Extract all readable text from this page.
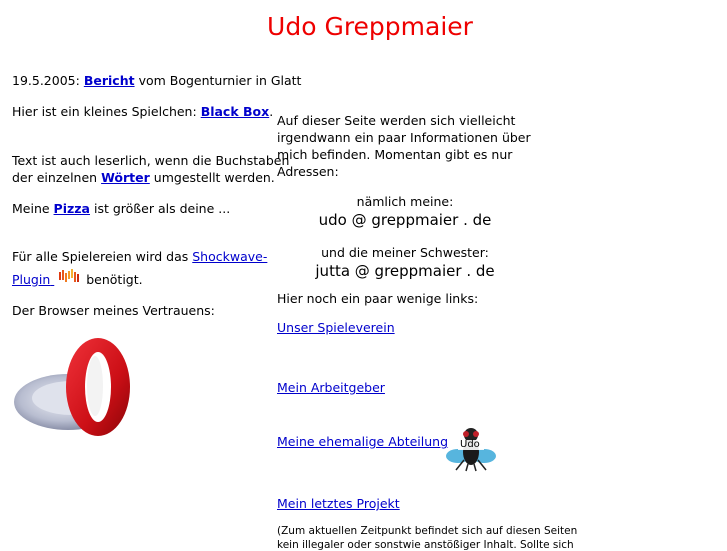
Udo Greppmaier
19.5.2005: Bericht vom Bogenturnier in Glatt
Hier ist ein kleines Spielchen: Black Box.
Text ist auch leserlich, wenn die Buchstaben
der einzelnen Wörter umgestellt werden.
Meine Pizza ist größer als deine ...
Für alle Spielereien wird das Shockwave-
Plugin	benötigt.
Der Browser meines Vertrauens:
Auf dieser Seite werden sich vielleicht
irgendwann ein paar Informationen über
mich befinden. Momentan gibt es nur
Adressen:
nämlich meine:
udo @ greppmaier . de
und die meiner Schwester:
jutta @ greppmaier . de
Hier noch ein paar wenige links:
Unser Spieleverein
Mein Arbeitgeber
Meine ehemalige Abteilung Udo
Mein letztes Projekt
(Zum aktuellen Zeitpunkt befindet sich auf diesen Seiten
kein illegaler oder sonstwie anstößiger Inhalt. Sollte sich
